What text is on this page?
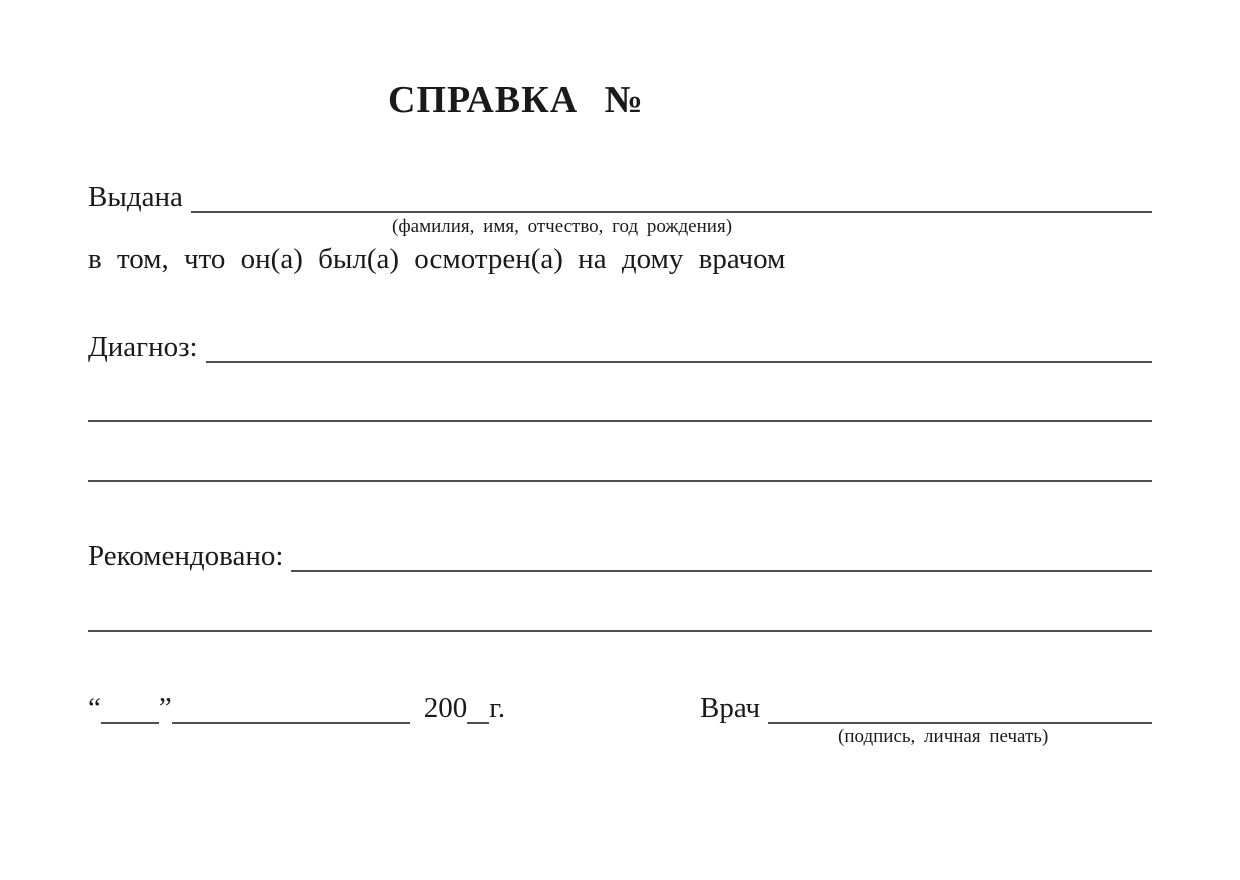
СПРАВКА №
Выдана
(фамилия, имя, отчество, год рождения)
в том, что он(а) был(а) осмотрен(а) на дому врачом
Диагноз:
Рекомендовано:
“ ”	200 г.	Врач
(подпись, личная печать)
